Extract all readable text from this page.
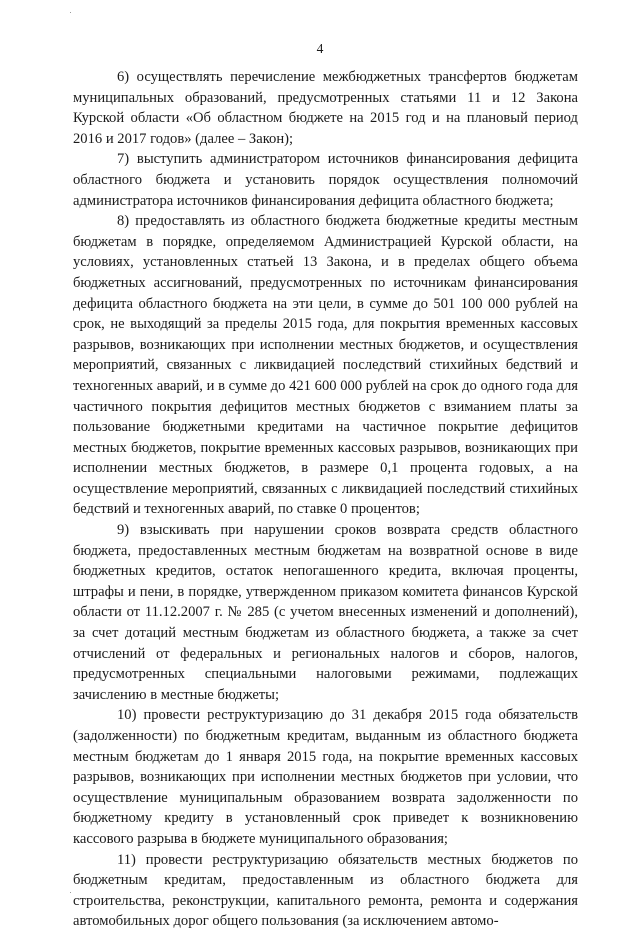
4

6) осуществлять перечисление межбюджетных трансфертов бюджетам муниципальных образований, предусмотренных статьями 11 и 12 Закона Курской области «Об областном бюджете на 2015 год и на плановый период 2016 и 2017 годов» (далее – Закон);

7) выступить администратором источников финансирования дефицита областного бюджета и установить порядок осуществления полномочий администратора источников финансирования дефицита областного бюджета;

8) предоставлять из областного бюджета бюджетные кредиты местным бюджетам в порядке, определяемом Администрацией Курской области, на условиях, установленных статьей 13 Закона, и в пределах общего объема бюджетных ассигнований, предусмотренных по источникам финансирования дефицита областного бюджета на эти цели, в сумме до 501 100 000 рублей на срок, не выходящий за пределы 2015 года, для покрытия временных кассовых разрывов, возникающих при исполнении местных бюджетов, и осуществления мероприятий, связанных с ликвидацией последствий стихийных бедствий и техногенных аварий, и в сумме до 421 600 000 рублей на срок до одного года для частичного покрытия дефицитов местных бюджетов с взиманием платы за пользование бюджетными кредитами на частичное покрытие дефицитов местных бюджетов, покрытие временных кассовых разрывов, возникающих при исполнении местных бюджетов, в размере 0,1 процента годовых, а на осуществление мероприятий, связанных с ликвидацией последствий стихийных бедствий и техногенных аварий, по ставке 0 процентов;

9) взыскивать при нарушении сроков возврата средств областного бюджета, предоставленных местным бюджетам на возвратной основе в виде бюджетных кредитов, остаток непогашенного кредита, включая проценты, штрафы и пени, в порядке, утвержденном приказом комитета финансов Курской области от 11.12.2007 г. № 285 (с учетом внесенных изменений и дополнений), за счет дотаций местным бюджетам из областного бюджета, а также за счет отчислений от федеральных и региональных налогов и сборов, налогов, предусмотренных специальными налоговыми режимами, подлежащих зачислению в местные бюджеты;

10) провести реструктуризацию до 31 декабря 2015 года обязательств (задолженности) по бюджетным кредитам, выданным из областного бюджета местным бюджетам до 1 января 2015 года, на покрытие временных кассовых разрывов, возникающих при исполнении местных бюджетов при условии, что осуществление муниципальным образованием возврата задолженности по бюджетному кредиту в установленный срок приведет к возникновению кассового разрыва в бюджете муниципального образования;

11) провести реструктуризацию обязательств местных бюджетов по бюджетным кредитам, предоставленным из областного бюджета для строительства, реконструкции, капитального ремонта, ремонта и содержания автомобильных дорог общего пользования (за исключением автомо-
